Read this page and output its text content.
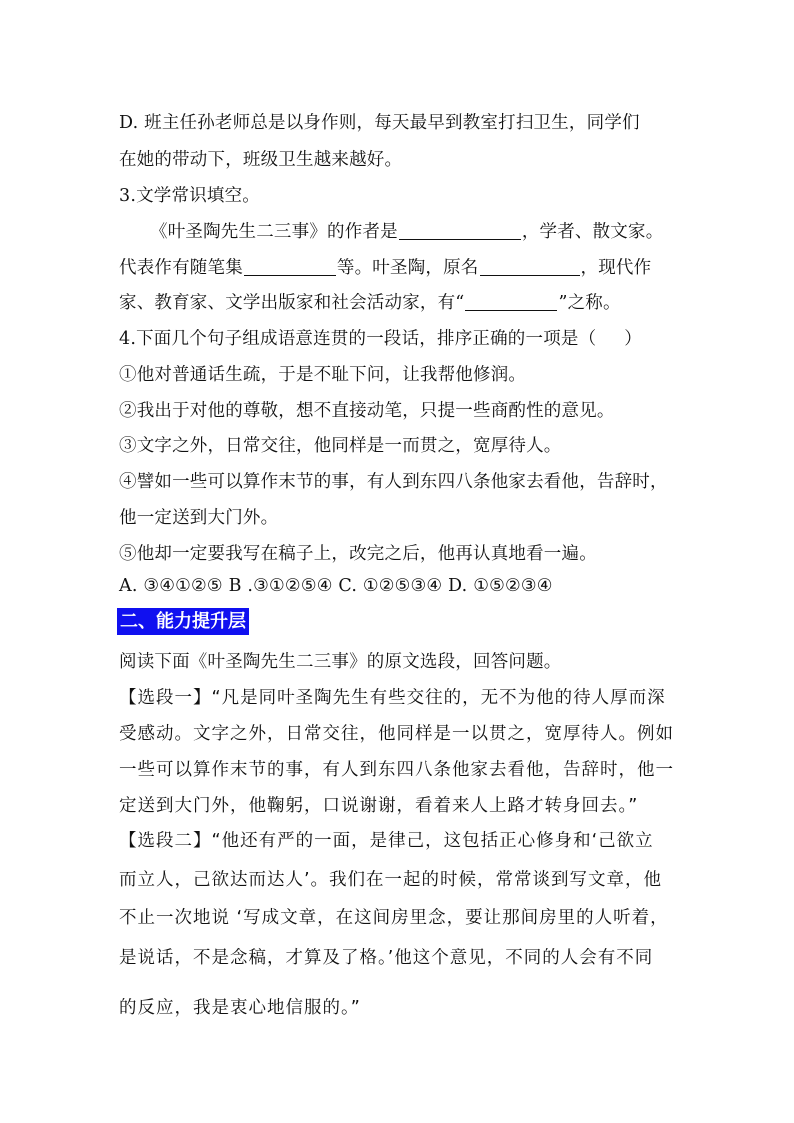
D. 班主任孙老师总是以身作则，每天最早到教室打扫卫生，同学们
在她的带动下，班级卫生越来越好。
3.文学常识填空。
《叶圣陶先生二三事》的作者是	，学者、散文家。
代表作有随笔集	等。叶圣陶，原名	，现代作
家、教育家、文学出版家和社会活动家，有“	”之称。
4.下面几个句子组成语意连贯的一段话，排序正确的一项是（ ）
①他对普通话生疏，于是不耻下问，让我帮他修润。
②我出于对他的尊敬，想不直接动笔，只提一些商酌性的意见。
③文字之外，日常交往，他同样是一而贯之，宽厚待人。
④譬如一些可以算作末节的事，有人到东四八条他家去看他，告辞时，
他一定送到大门外。
⑤他却一定要我写在稿子上，改完之后，他再认真地看一遍。
A. ③④①②⑤ B .③①②⑤④ C. ①②⑤③④ D. ①⑤②③④
二、能力提升层
阅读下面《叶圣陶先生二三事》的原文选段，回答问题。
【选段一】“凡是同叶圣陶先生有些交往的，无不为他的待人厚而深
受感动。文字之外，日常交往，他同样是一以贯之，宽厚待人。例如
一些可以算作末节的事，有人到东四八条他家去看他，告辞时，他一
定送到大门外，他鞠躬，口说谢谢，看着来人上路才转身回去。”
【选段二】“他还有严的一面，是律己，这包括正心修身和‘己欲立
而立人，己欲达而达人’。我们在一起的时候，常常谈到写文章，他
不止一次地说 ‘写成文章，在这间房里念，要让那间房里的人听着，
是说话，不是念稿，才算及了格。’他这个意见，不同的人会有不同
的反应，我是衷心地信服的。”
